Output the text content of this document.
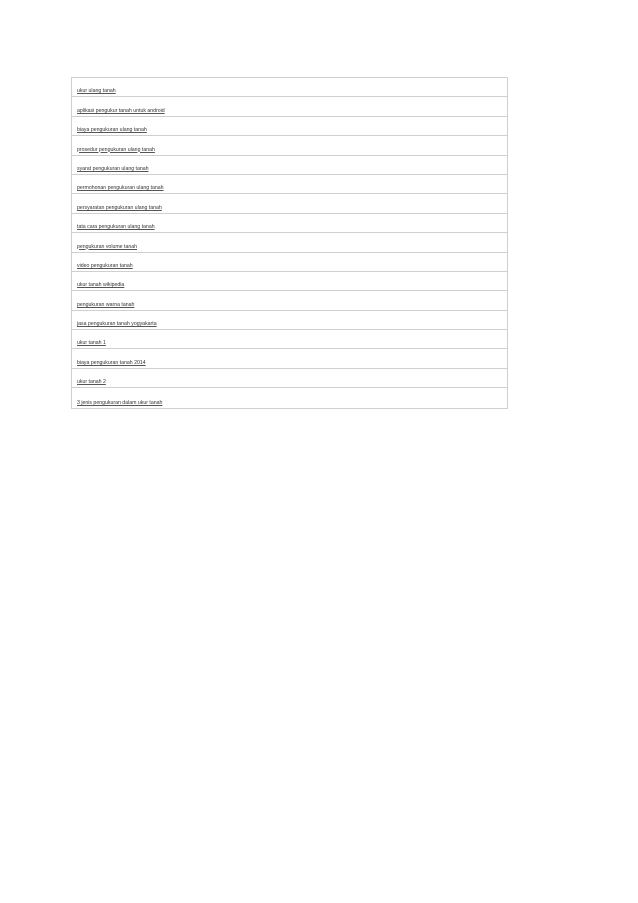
ukur ulang tanah
aplikasi pengukur tanah untuk android
biaya pengukuran ulang tanah
prosedur pengukuran ulang tanah
syarat pengukuran ulang tanah
permohonan pengukuran ulang tanah
persyaratan pengukuran ulang tanah
tata cara pengukuran ulang tanah
pengukuran volume tanah
video pengukuran tanah
ukur tanah wikipedia
pengukuran warna tanah
jasa pengukuran tanah yogyakarta
ukur tanah 1
biaya pengukuran tanah 2014
ukur tanah 2
3 jenis pengukuran dalam ukur tanah
